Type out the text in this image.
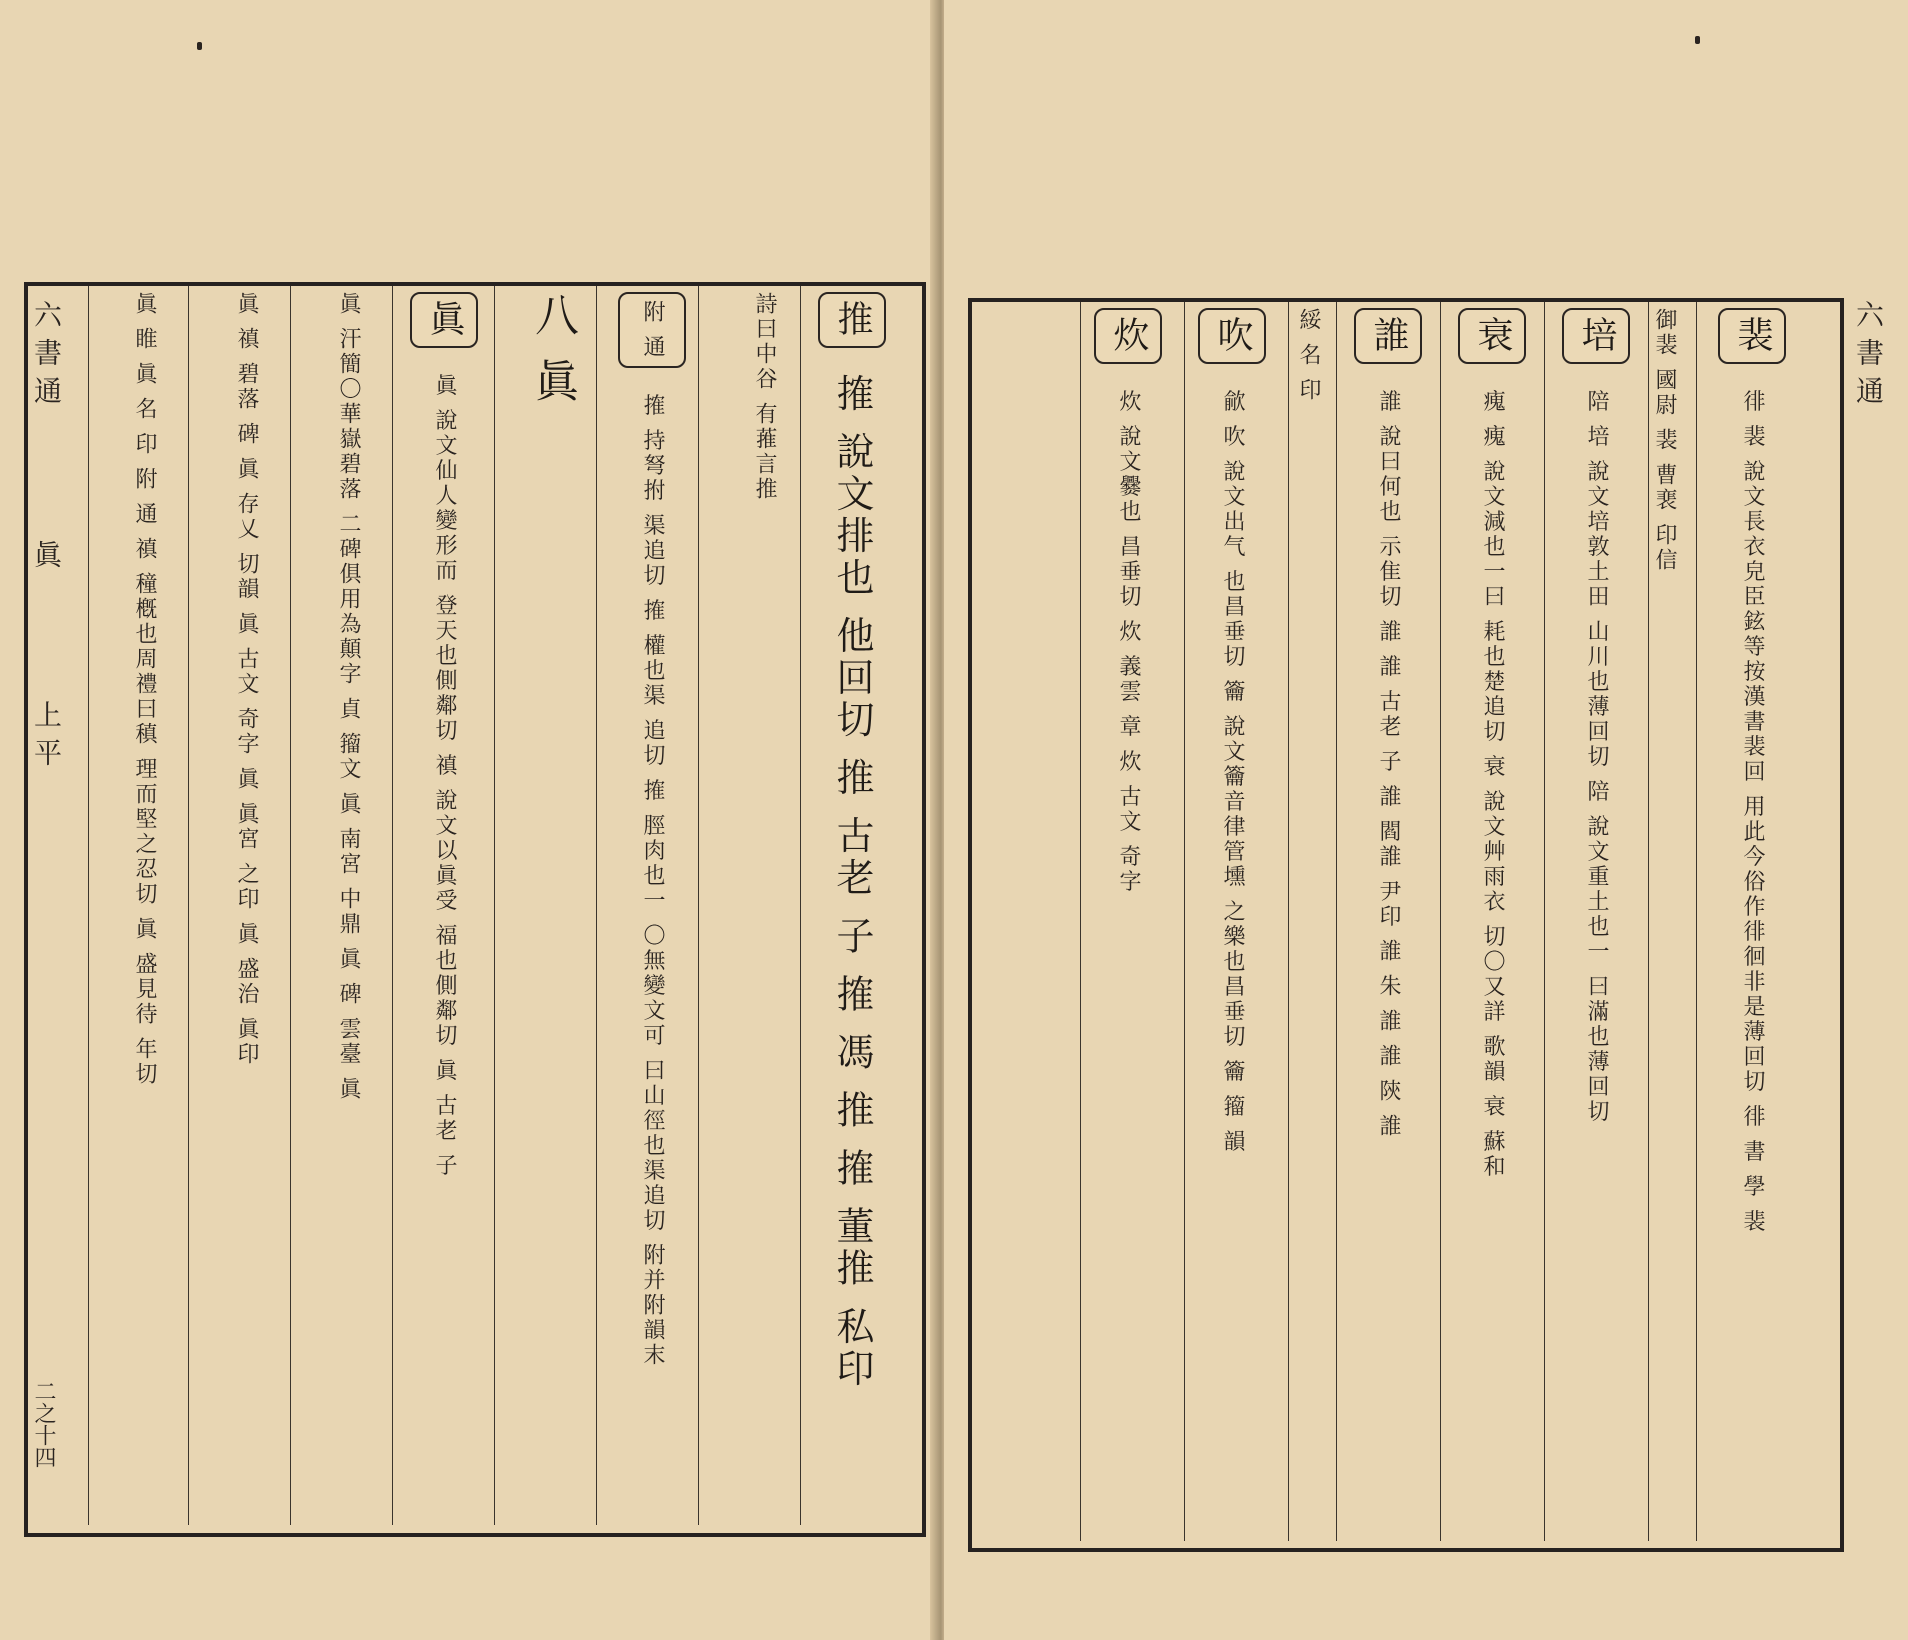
六書通
眞
上平
二之十四
推 搉 說文排也 他回切 推 古老 子 搉 馮 推 搉 董推 私印
詩曰中谷 有蓷言推
附 通 搉 持弩拊 渠追切 搉 權也渠 追切 搉 脛肉也一 〇無變文可 曰山徑也渠追切 附并附韻末
八 眞
眞 眞 說文仙人變形而 登天也側鄰切 禛 說文以眞受 福也側鄰切 眞 古老 子
眞 汗簡〇華嶽碧落 二碑俱用為顛字 貞 籀文 眞 南宮 中鼎 眞 碑 雲臺 眞
眞 禛 碧落 碑 眞 存乂 切韻 眞 古文 奇字 眞 眞宮 之印 眞 盛治 眞印
眞 睢 眞 名 印 附 通 禛 穜槪也周禮曰稹 理而堅之忍切 眞 盛見待 年切	六書通
裴 徘 裴 說文長衣皃臣鉉等按漢書裴回 用此今俗作徘徊非是薄回切 徘 書 學 裴
御裴 國尉 裴 曹裵 印信
培 陪 培 說文培敦土田 山川也薄回切 陪 說文重土也一 曰滿也薄回切
衰 瘣 瘣 說文減也一曰 耗也楚追切 衰 說文艸雨衣 切〇又詳 歌韻 衰 蘇和
誰 誰 說曰何也 示隹切 誰 誰 古老 子 誰 閻誰 尹印 誰 朱 誰 誰 陝 誰
綏 名 印
吹 歈 吹 說文出气 也昌垂切 籥 說文籥音律管壎 之樂也昌垂切 籥 籀 韻
炊 炊 說文爨也 昌垂切 炊 義雲 章 炊 古文 奇字
